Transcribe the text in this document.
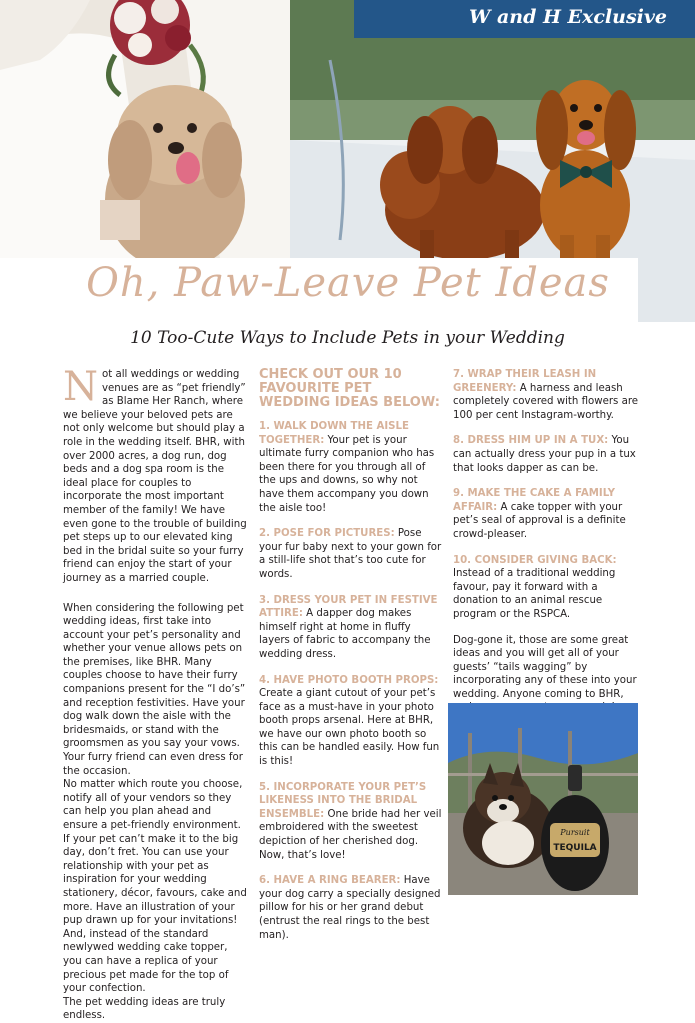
W and H Exclusive
Oh, Paw-Leave Pet Ideas
10 Too-Cute Ways to Include Pets in your Wedding

Not all weddings or wedding venues are as “pet friendly” as Blame Her Ranch, where we believe your beloved pets are not only welcome but should play a role in the wedding itself. BHR, with over 2000 acres, a dog run, dog beds and a dog spa room is the ideal place for couples to incorporate the most important member of the family! We have even gone to the trouble of building pet steps up to our elevated king bed in the bridal suite so your furry friend can enjoy the start of your journey as a married couple.

When considering the following pet wedding ideas, first take into account your pet’s personality and whether your venue allows pets on the premises, like BHR. Many couples choose to have their furry companions present for the “I do’s” and reception festivities. Have your dog walk down the aisle with the bridesmaids, or stand with the groomsmen as you say your vows. Your furry friend can even dress for the occasion.

No matter which route you choose, notify all of your vendors so they can help you plan ahead and ensure a pet-friendly environment. If your pet can’t make it to the big day, don’t fret. You can use your relationship with your pet as inspiration for your wedding stationery, décor, favours, cake and more. Have an illustration of your pup drawn up for your invitations! And, instead of the standard newlywed wedding cake topper, you can have a replica of your precious pet made for the top of your confection.

The pet wedding ideas are truly endless.

CHECK OUT OUR 10 FAVOURITE PET WEDDING IDEAS BELOW:

1. WALK DOWN THE AISLE TOGETHER: Your pet is your ultimate furry companion who has been there for you through all of the ups and downs, so why not have them accompany you down the aisle too!

2. POSE FOR PICTURES: Pose your fur baby next to your gown for a still-life shot that’s too cute for words.

3. DRESS YOUR PET IN FESTIVE ATTIRE: A dapper dog makes himself right at home in fluffy layers of fabric to accompany the wedding dress.

4. HAVE PHOTO BOOTH PROPS: Create a giant cutout of your pet’s face as a must-have in your photo booth props arsenal. Here at BHR, we have our own photo booth so this can be handled easily. How fun is this!

5. INCORPORATE YOUR PET’S LIKENESS INTO THE BRIDAL ENSEMBLE: One bride had her veil embroidered with the sweetest depiction of her cherished dog. Now, that’s love!

6. HAVE A RING BEARER: Have your dog carry a specially designed pillow for his or her grand debut (entrust the real rings to the best man).

7. WRAP THEIR LEASH IN GREENERY: A harness and leash completely covered with flowers are 100 per cent Instagram-worthy.

8. DRESS HIM UP IN A TUX: You can actually dress your pup in a tux that looks dapper as can be.

9. MAKE THE CAKE A FAMILY AFFAIR: A cake topper with your pet’s seal of approval is a definite crowd-pleaser.

10. CONSIDER GIVING BACK: Instead of a traditional wedding favour, pay it forward with a donation to an animal rescue program or the RSPCA.

Dog-gone it, those are some great ideas and you will get all of your guests’ “tails wagging” by incorporating any of these into your wedding. Anyone coming to BHR,

Pursuit
TEQUILA
